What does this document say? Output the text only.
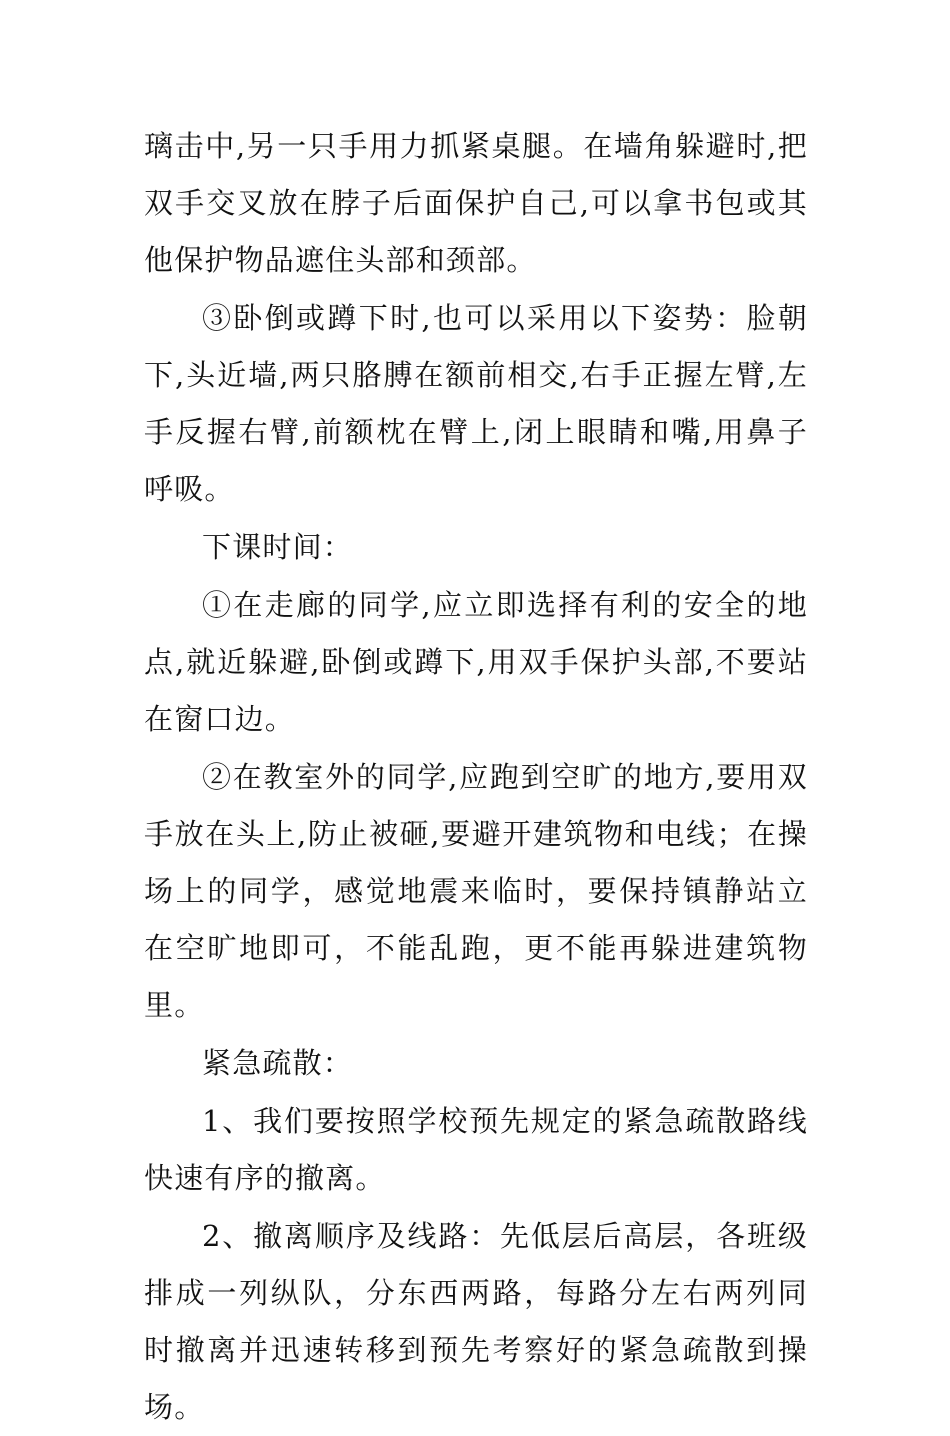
璃击中,另一只手用力抓紧桌腿。在墙角躲避时,把双手交叉放在脖子后面保护自己,可以拿书包或其他保护物品遮住头部和颈部。

③卧倒或蹲下时,也可以采用以下姿势：脸朝下,头近墙,两只胳膊在额前相交,右手正握左臂,左手反握右臂,前额枕在臂上,闭上眼睛和嘴,用鼻子呼吸。

下课时间：

①在走廊的同学,应立即选择有利的安全的地点,就近躲避,卧倒或蹲下,用双手保护头部,不要站在窗口边。

②在教室外的同学,应跑到空旷的地方,要用双手放在头上,防止被砸,要避开建筑物和电线；在操场上的同学，感觉地震来临时，要保持镇静站立在空旷地即可，不能乱跑，更不能再躲进建筑物里。

紧急疏散：

1、我们要按照学校预先规定的紧急疏散路线快速有序的撤离。

2、撤离顺序及线路：先低层后高层，各班级排成一列纵队，分东西两路，每路分左右两列同时撤离并迅速转移到预先考察好的紧急疏散到操场。
